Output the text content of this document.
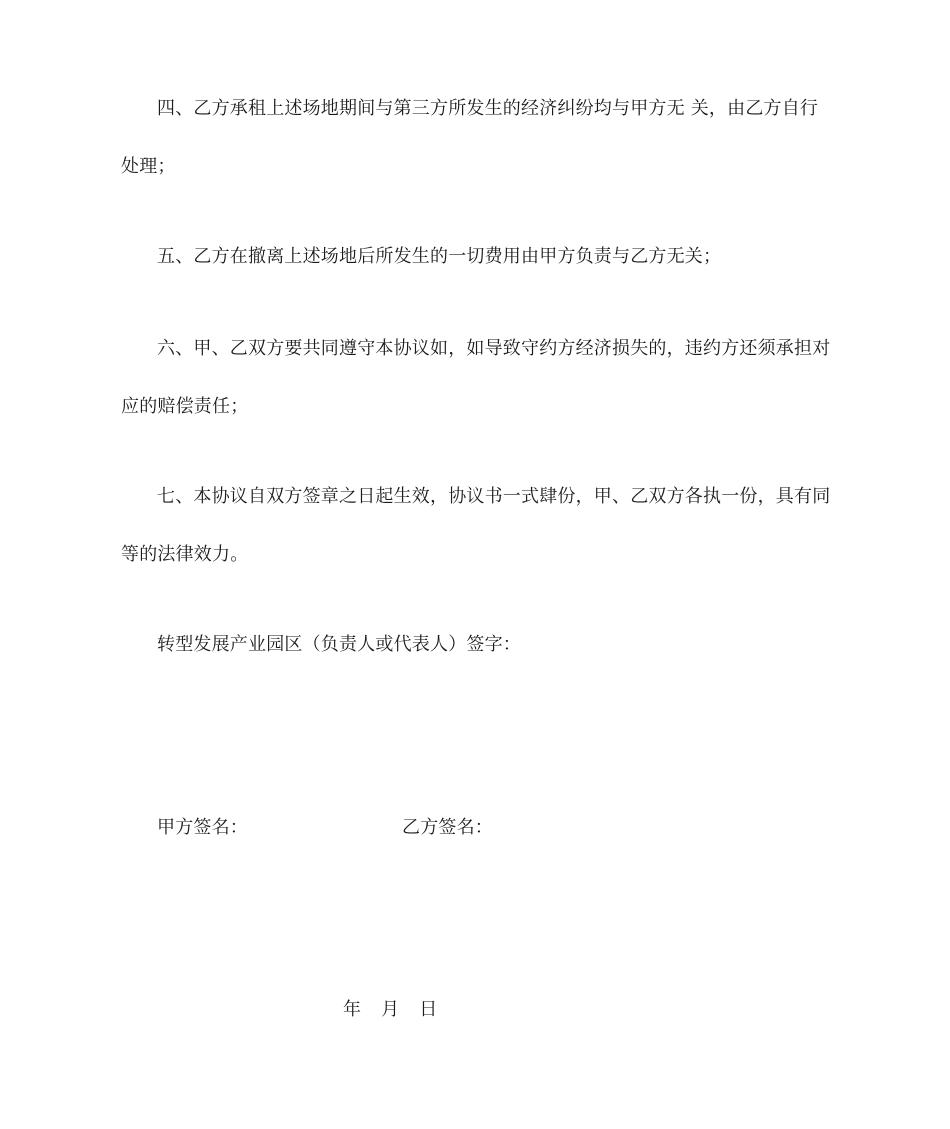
四、乙方承租上述场地期间与第三方所发生的经济纠纷均与甲方无 关，由乙方自行
处理；
五、乙方在撤离上述场地后所发生的一切费用由甲方负责与乙方无关；
六、甲、乙双方要共同遵守本协议如，如导致守约方经济损失的，违约方还须承担对
应的赔偿责任；
七、本协议自双方签章之日起生效，协议书一式肆份，甲、乙双方各执一份，具有同
等的法律效力。
转型发展产业园区（负责人或代表人）签字：
甲方签名：	乙方签名：
年 月 日
